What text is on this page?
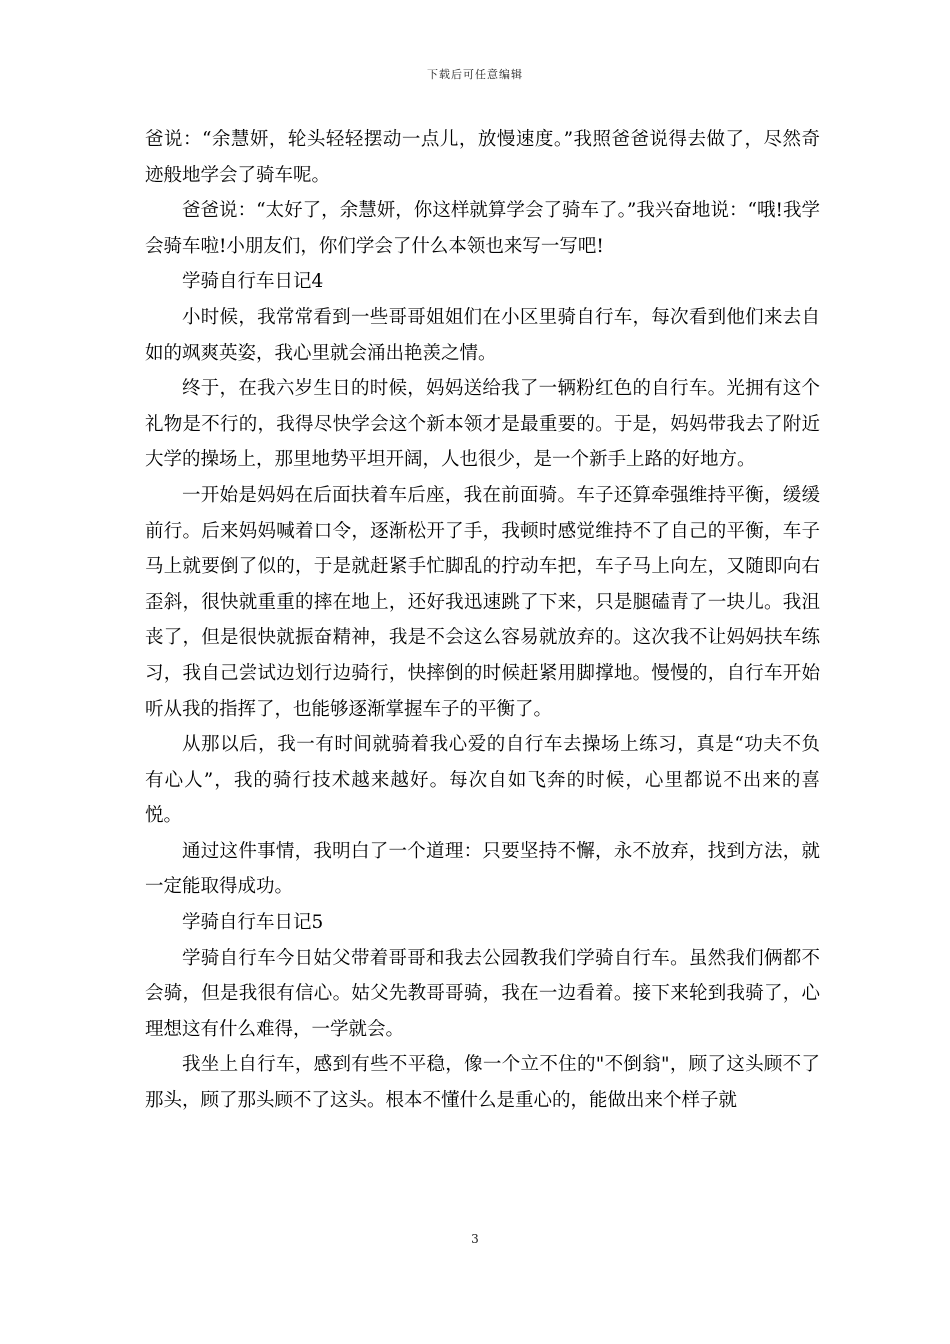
下载后可任意编辑

爸说：“余慧妍，轮头轻轻摆动一点儿，放慢速度。”我照爸爸说得去做了，尽然奇迹般地学会了骑车呢。

爸爸说：“太好了，余慧妍，你这样就算学会了骑车了。”我兴奋地说：“哦!我学会骑车啦!小朋友们，你们学会了什么本领也来写一写吧!

学骑自行车日记4

小时候，我常常看到一些哥哥姐姐们在小区里骑自行车，每次看到他们来去自如的飒爽英姿，我心里就会涌出艳羡之情。

终于，在我六岁生日的时候，妈妈送给我了一辆粉红色的自行车。光拥有这个礼物是不行的，我得尽快学会这个新本领才是最重要的。于是，妈妈带我去了附近大学的操场上，那里地势平坦开阔，人也很少，是一个新手上路的好地方。

一开始是妈妈在后面扶着车后座，我在前面骑。车子还算牵强维持平衡，缓缓前行。后来妈妈喊着口令，逐渐松开了手，我顿时感觉维持不了自己的平衡，车子马上就要倒了似的，于是就赶紧手忙脚乱的拧动车把，车子马上向左，又随即向右歪斜，很快就重重的摔在地上，还好我迅速跳了下来，只是腿磕青了一块儿。我沮丧了，但是很快就振奋精神，我是不会这么容易就放弃的。这次我不让妈妈扶车练习，我自己尝试边划行边骑行，快摔倒的时候赶紧用脚撑地。慢慢的，自行车开始听从我的指挥了，也能够逐渐掌握车子的平衡了。

从那以后，我一有时间就骑着我心爱的自行车去操场上练习，真是“功夫不负有心人”，我的骑行技术越来越好。每次自如飞奔的时候，心里都说不出来的喜悦。

通过这件事情，我明白了一个道理：只要坚持不懈，永不放弃，找到方法，就一定能取得成功。

学骑自行车日记5

学骑自行车今日姑父带着哥哥和我去公园教我们学骑自行车。虽然我们俩都不会骑，但是我很有信心。姑父先教哥哥骑，我在一边看着。接下来轮到我骑了，心理想这有什么难得，一学就会。

我坐上自行车，感到有些不平稳，像一个立不住的"不倒翁"，顾了这头顾不了那头，顾了那头顾不了这头。根本不懂什么是重心的，能做出来个样子就

3
